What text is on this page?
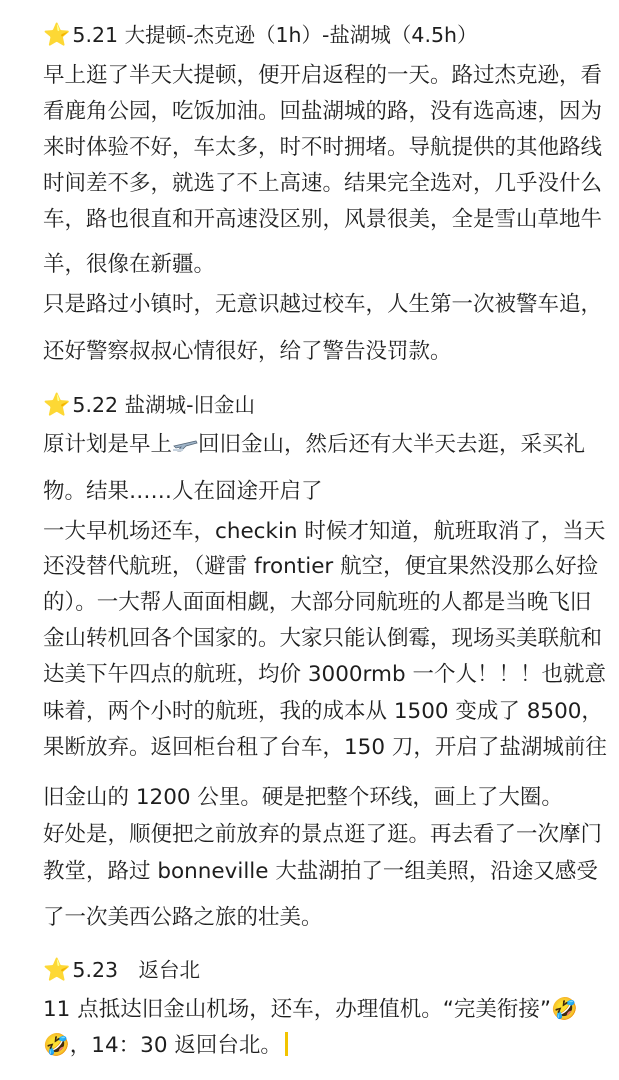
⭐5.21 大提顿-杰克逊（1h）-盐湖城（4.5h）
早上逛了半天大提顿，便开启返程的一天。路过杰克逊，看
看鹿角公园，吃饭加油。回盐湖城的路，没有选高速，因为
来时体验不好，车太多，时不时拥堵。导航提供的其他路线
时间差不多，就选了不上高速。结果完全选对，几乎没什么
车，路也很直和开高速没区别，风景很美，全是雪山草地牛
羊，很像在新疆。
只是路过小镇时，无意识越过校车，人生第一次被警车追，
还好警察叔叔心情很好，给了警告没罚款。
⭐5.22 盐湖城-旧金山
原计划是早上 回旧金山，然后还有大半天去逛，采买礼
物。结果……人在囧途开启了
一大早机场还车，checkin 时候才知道，航班取消了，当天
还没替代航班，（避雷 frontier 航空，便宜果然没那么好捡
的）。一大帮人面面相觑，大部分同航班的人都是当晚飞旧
金山转机回各个国家的。大家只能认倒霉，现场买美联航和
达美下午四点的航班，均价 3000rmb 一个人！！！也就意
味着，两个小时的航班，我的成本从 1500 变成了 8500，
果断放弃。返回柜台租了台车，150 刀，开启了盐湖城前往
旧金山的 1200 公里。硬是把整个环线，画上了大圈。
好处是，顺便把之前放弃的景点逛了逛。再去看了一次摩门
教堂，路过 bonneville 大盐湖拍了一组美照，沿途又感受
了一次美西公路之旅的壮美。
⭐5.23　返台北
11 点抵达旧金山机场，还车，办理值机。“完美衔接”🤣
🤣，14：30 返回台北。
